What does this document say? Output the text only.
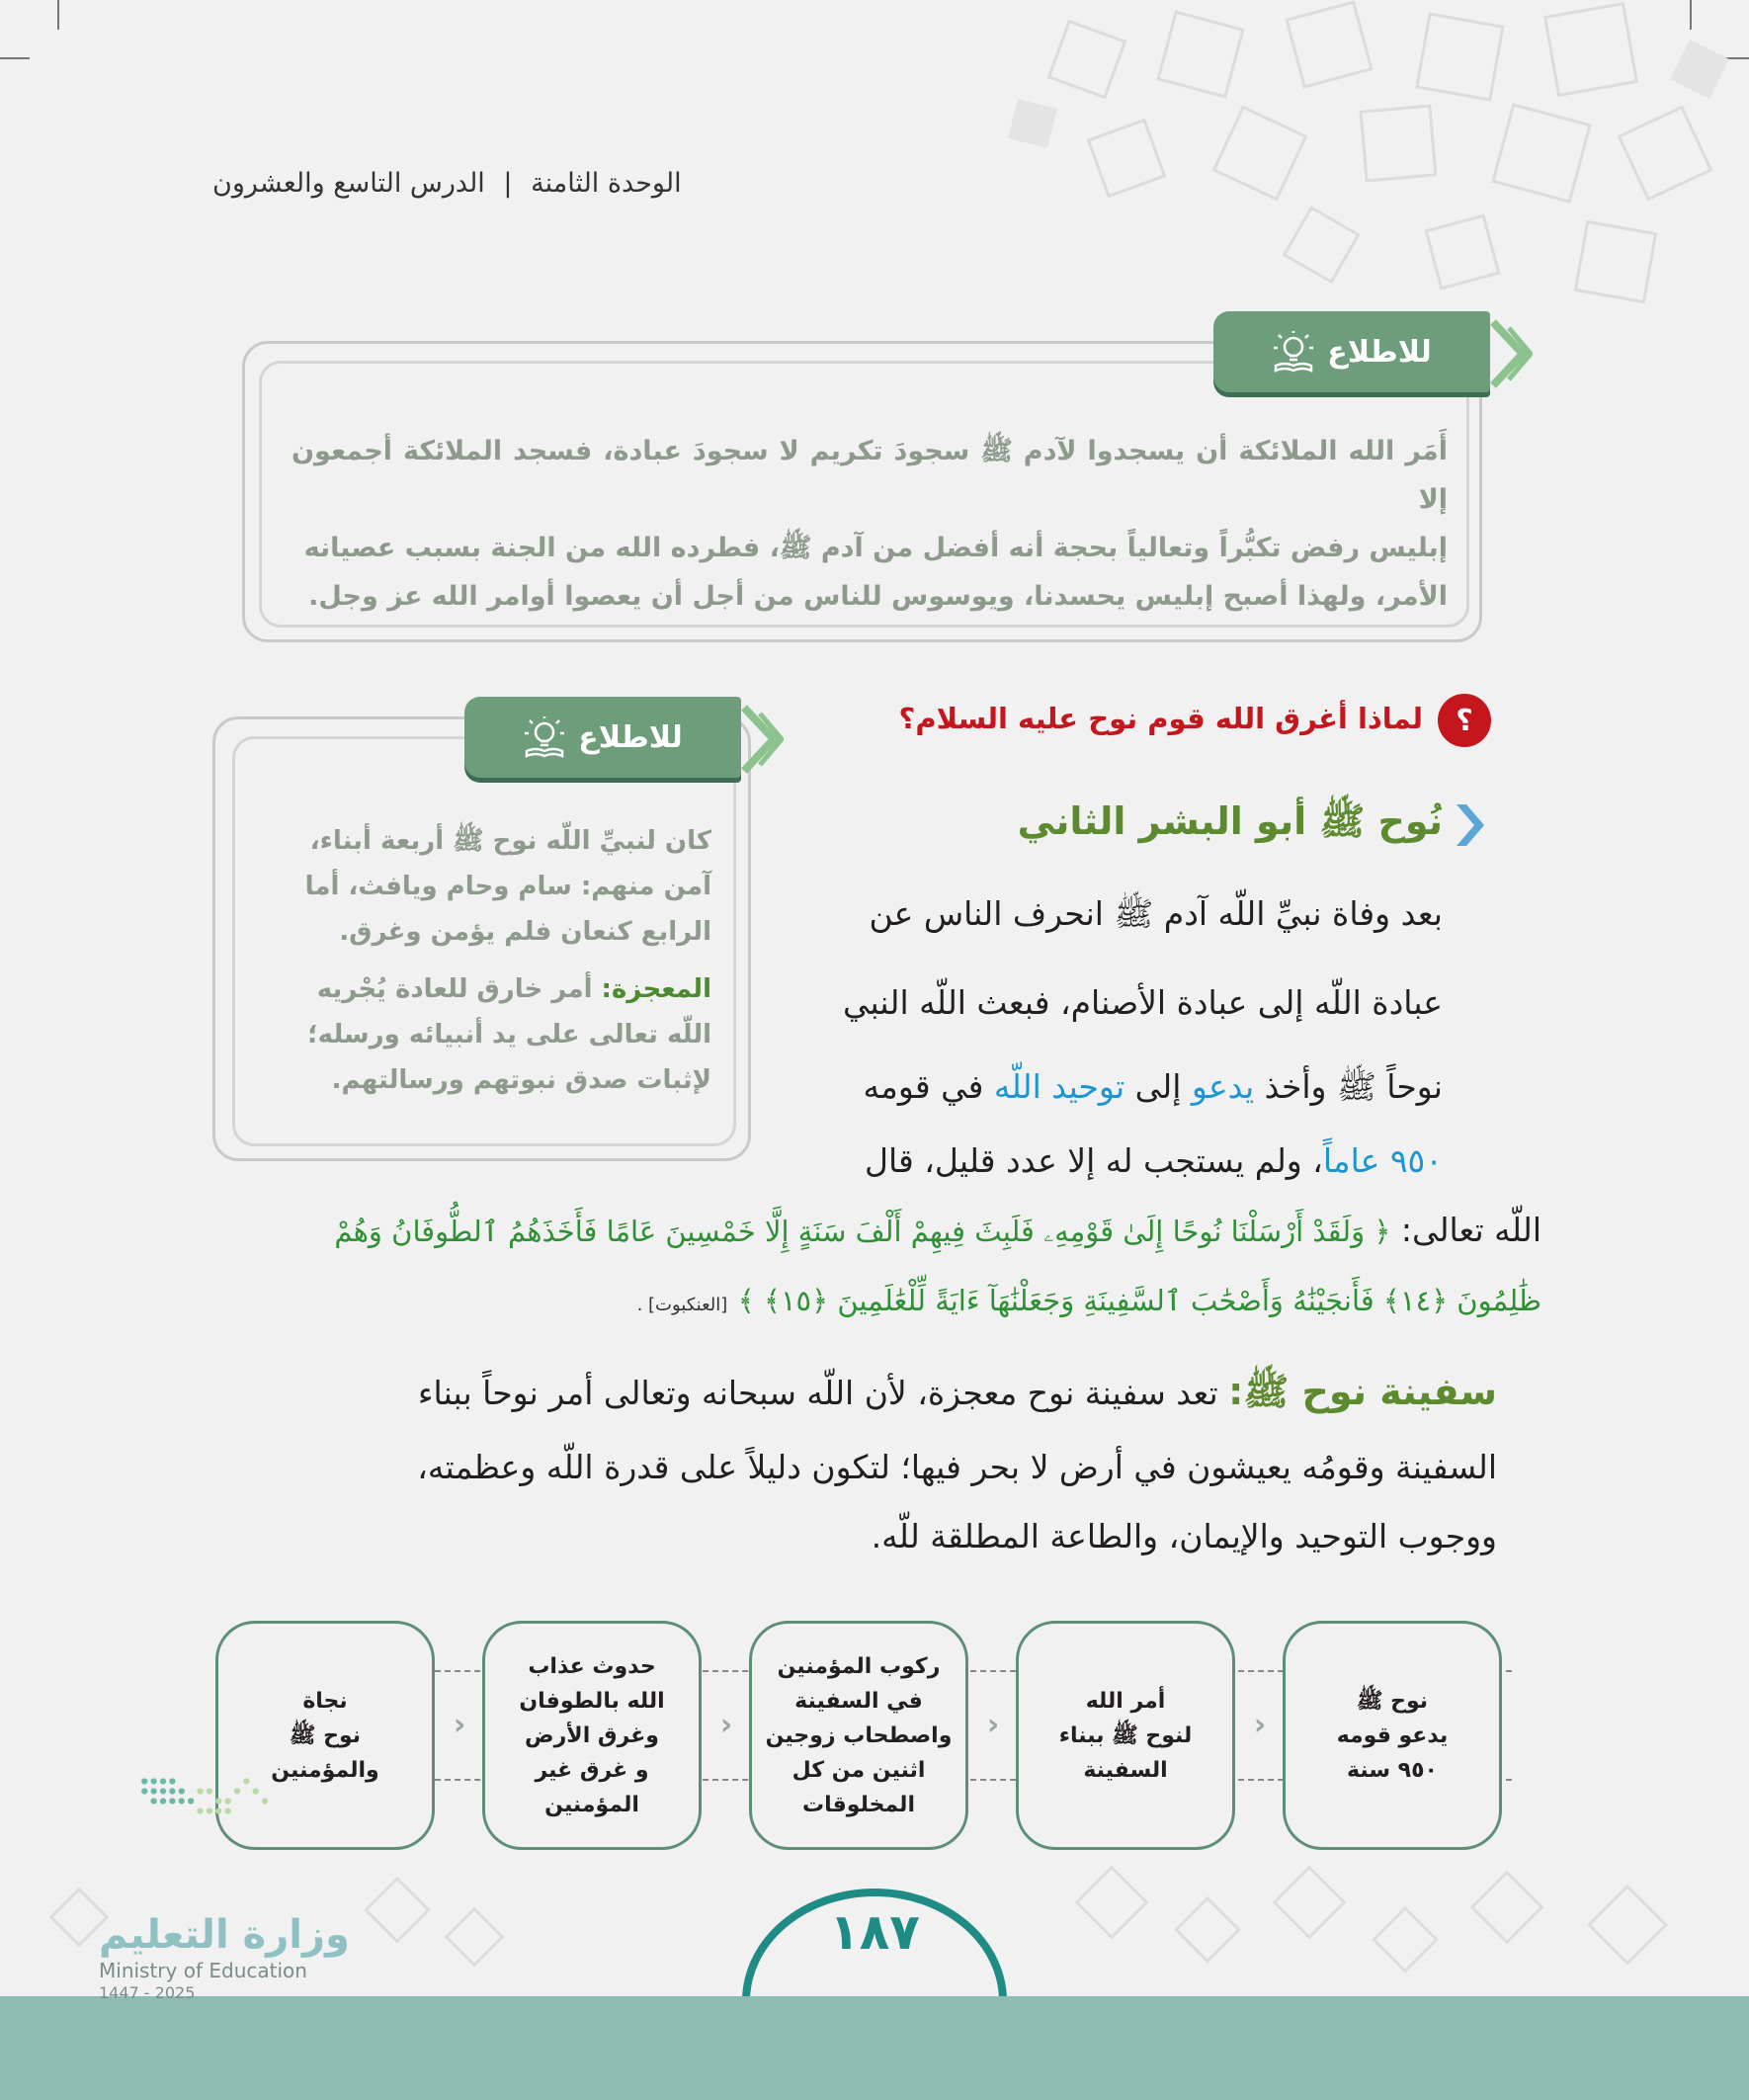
الوحدة الثامنة | الدرس التاسع والعشرون
للاطلاع
أَمَر الله الملائكة أن يسجدوا لآدم ﷺ سجودَ تكريم لا سجودَ عبادة، فسجد الملائكة أجمعون إلا
إبليس رفض تكبُّراً وتعالياً بحجة أنه أفضل من آدم ﷺ، فطرده الله من الجنة بسبب عصيانه
الأمر، ولهذا أصبح إبليس يحسدنا، ويوسوس للناس من أجل أن يعصوا أوامر الله عز وجل.
؟
لماذا أغرق الله قوم نوح عليه السلام؟
نُوح ﷺ أبو البشر الثاني
للاطلاع
كان لنبيِّ اللّه نوح ﷺ أربعة أبناء،
آمن منهم: سام وحام ويافث، أما
الرابع كنعان فلم يؤمن وغرق.
المعجزة: أمر خارق للعادة يُجْريه
اللّه تعالى على يد أنبيائه ورسله؛
لإثبات صدق نبوتهم ورسالتهم.
بعد وفاة نبيِّ اللّه آدم ﷺ انحرف الناس عن
عبادة اللّه إلى عبادة الأصنام، فبعث اللّه النبي
نوحاً ﷺ وأخذ يدعو إلى توحيد اللّه في قومه
٩٥٠ عاماً، ولم يستجب له إلا عدد قليل، قال
اللّه تعالى: ﴿ وَلَقَدْ أَرْسَلْنَا نُوحًا إِلَىٰ قَوْمِهِۦ فَلَبِثَ فِيهِمْ أَلْفَ سَنَةٍ إِلَّا خَمْسِينَ عَامًا فَأَخَذَهُمُ ٱلطُّوفَانُ وَهُمْ
ظَٰلِمُونَ ﴿١٤﴾ فَأَنجَيْنَٰهُ وَأَصْحَٰبَ ٱلسَّفِينَةِ وَجَعَلْنَٰهَآ ءَايَةً لِّلْعَٰلَمِينَ ﴿١٥﴾ ﴾ [العنكبوت] .
سفينة نوح ﷺ: تعد سفينة نوح معجزة، لأن اللّه سبحانه وتعالى أمر نوحاً ببناء
السفينة وقومُه يعيشون في أرض لا بحر فيها؛ لتكون دليلاً على قدرة اللّه وعظمته،
ووجوب التوحيد والإيمان، والطاعة المطلقة للّه.
نوح ﷺ
يدعو قومه
٩٥٠ سنة
‹
أمر الله
لنوح ﷺ ببناء
السفينة
‹
ركوب المؤمنين
في السفينة
واصطحاب زوجين
اثنين من كل
المخلوقات
‹
حدوث عذاب
الله بالطوفان
وغرق الأرض
و غرق غير
المؤمنين
‹
نجاة
نوح ﷺ
والمؤمنين
١٨٧
وزارة التعليم
Ministry of Education
2025 - 1447
